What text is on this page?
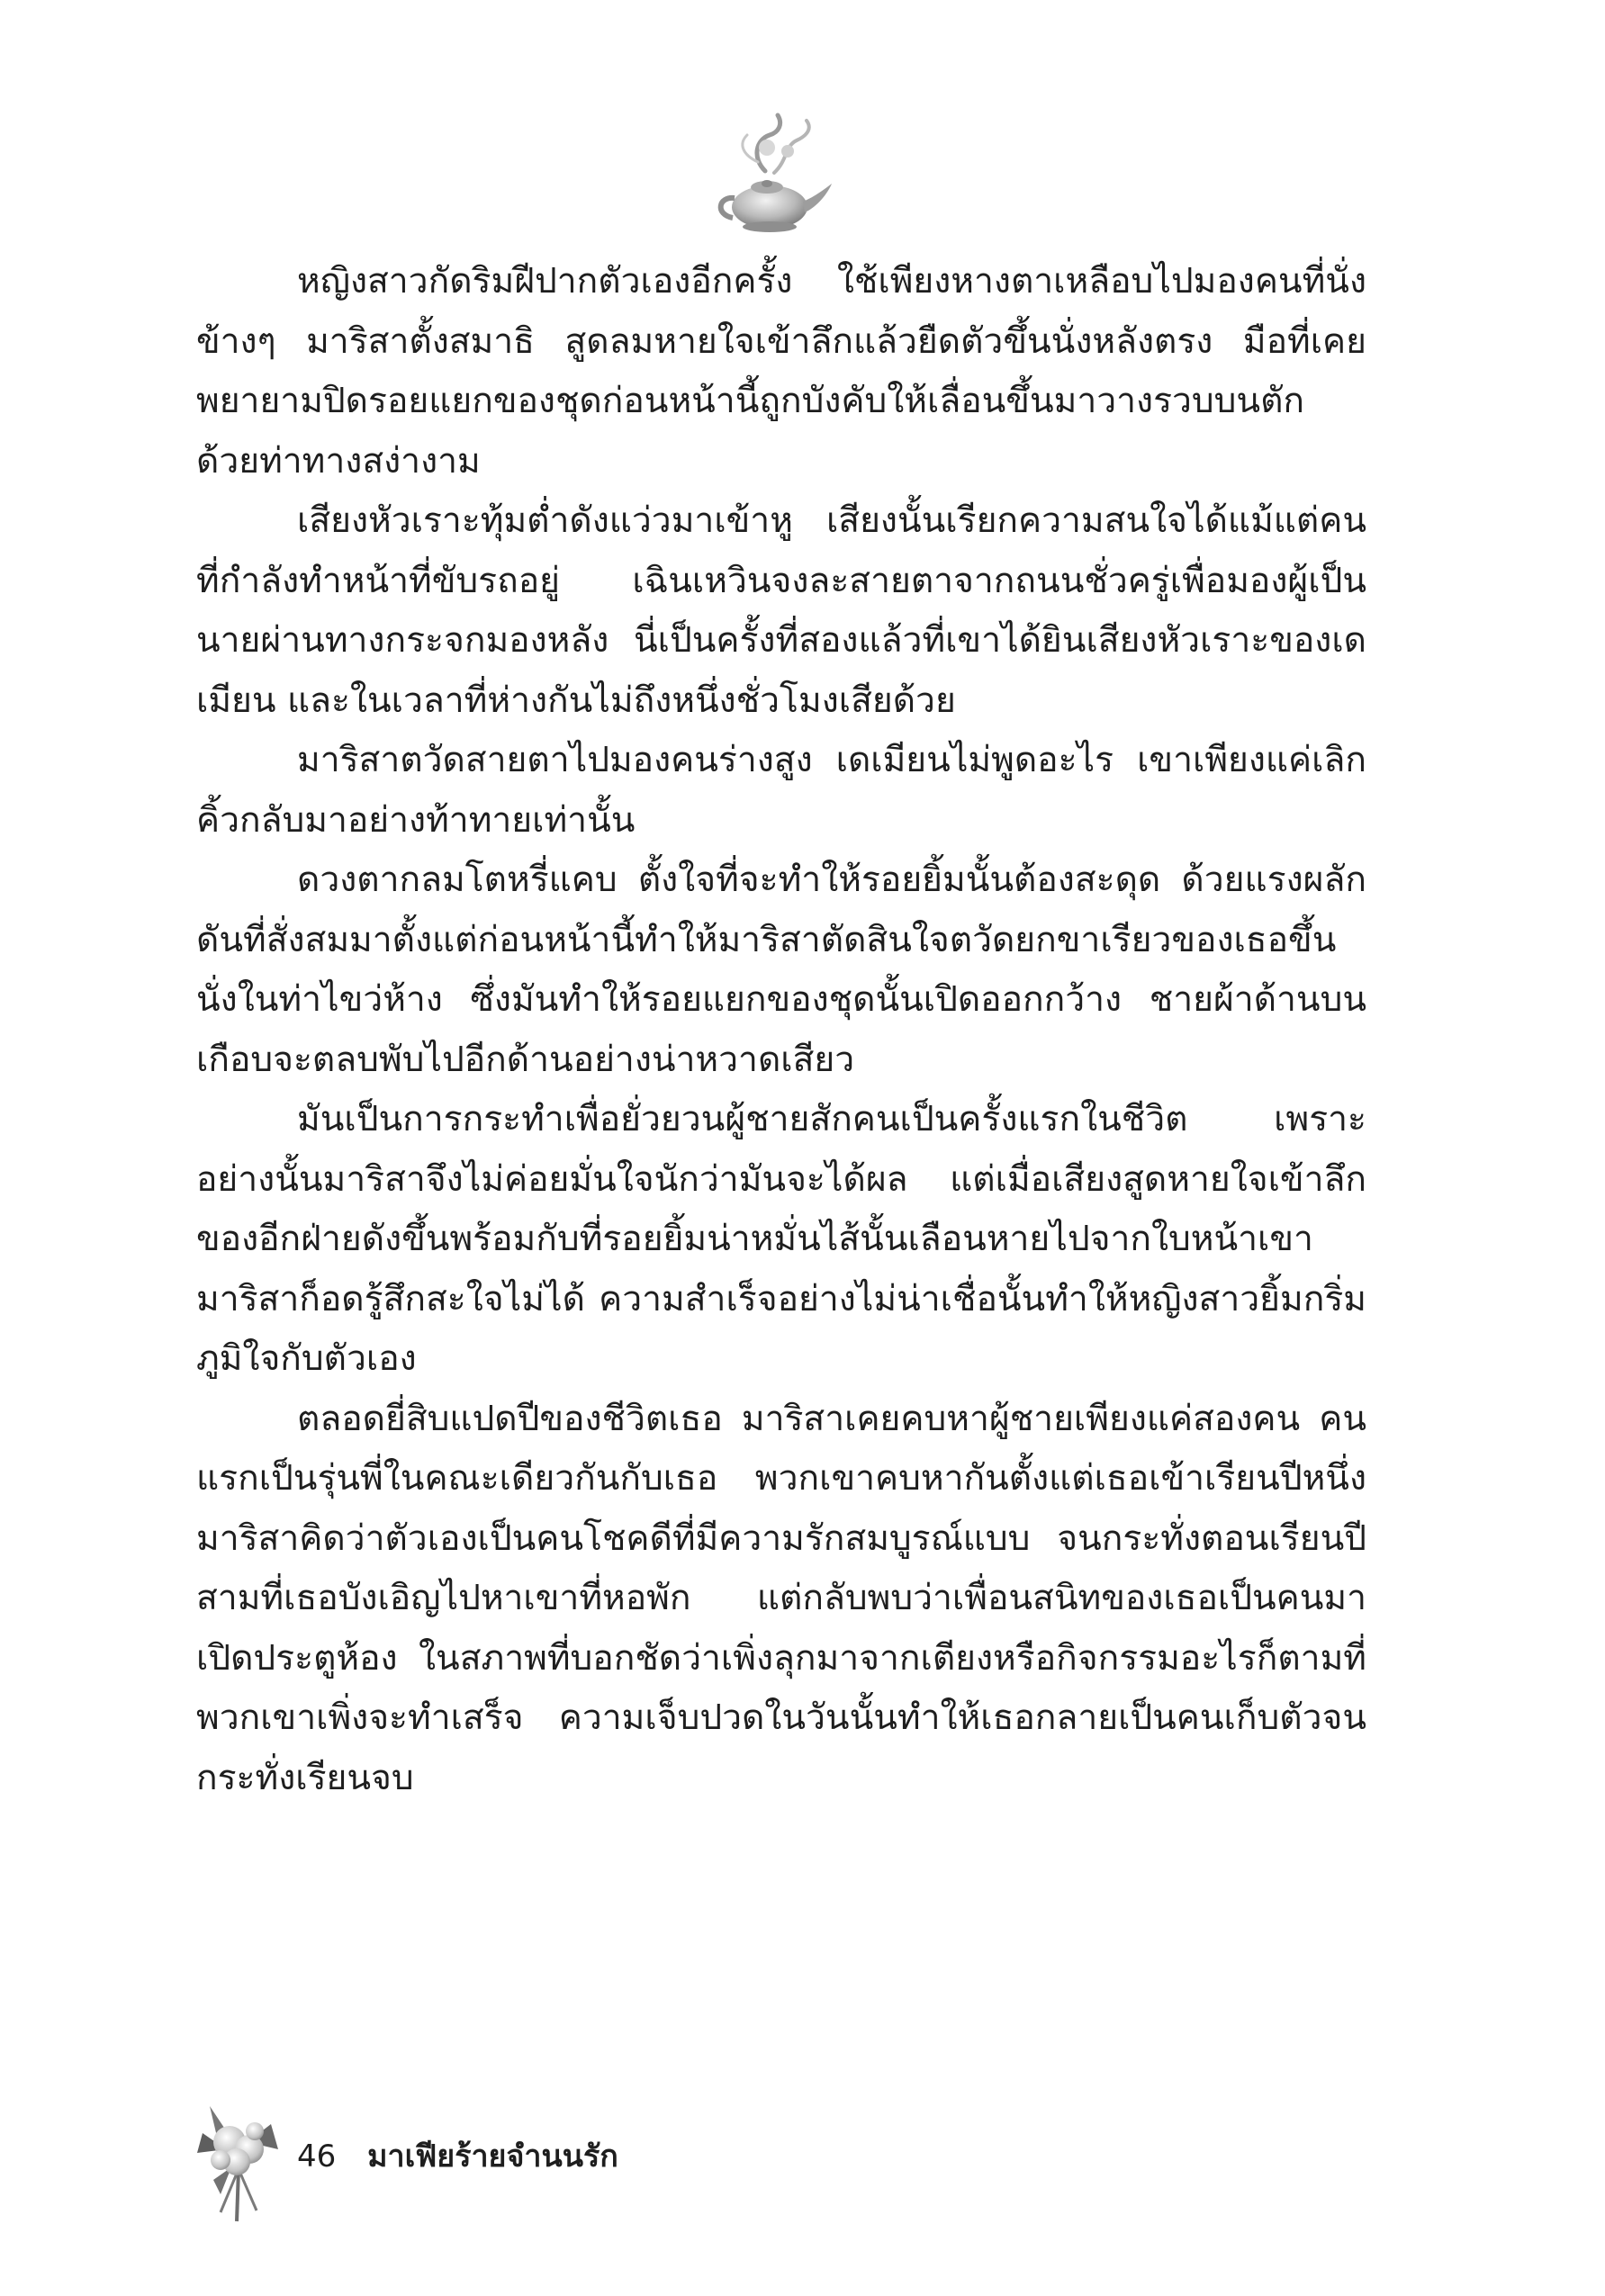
หญิงสาวกัดริมฝีปากตัวเองอีกครั้ง ใช้เพียงหางตาเหลือบไปมองคนที่นั่งข้างๆ มาริสาตั้งสมาธิ สูดลมหายใจเข้าลึกแล้วยืดตัวขึ้นนั่งหลังตรง มือที่เคยพยายามปิดรอยแยกของชุดก่อนหน้านี้ถูกบังคับให้เลื่อนขึ้นมาวางรวบบนตักด้วยท่าทางสง่างาม

เสียงหัวเราะทุ้มต่ำดังแว่วมาเข้าหู เสียงนั้นเรียกความสนใจได้แม้แต่คนที่กำลังทำหน้าที่ขับรถอยู่ เฉินเหวินจงละสายตาจากถนนชั่วครู่เพื่อมองผู้เป็นนายผ่านทางกระจกมองหลัง นี่เป็นครั้งที่สองแล้วที่เขาได้ยินเสียงหัวเราะของเดเมียน และในเวลาที่ห่างกันไม่ถึงหนึ่งชั่วโมงเสียด้วย

มาริสาตวัดสายตาไปมองคนร่างสูง เดเมียนไม่พูดอะไร เขาเพียงแค่เลิกคิ้วกลับมาอย่างท้าทายเท่านั้น

ดวงตากลมโตหรี่แคบ ตั้งใจที่จะทำให้รอยยิ้มนั้นต้องสะดุด ด้วยแรงผลักดันที่สั่งสมมาตั้งแต่ก่อนหน้านี้ทำให้มาริสาตัดสินใจตวัดยกขาเรียวของเธอขึ้นนั่งในท่าไขว่ห้าง ซึ่งมันทำให้รอยแยกของชุดนั้นเปิดออกกว้าง ชายผ้าด้านบนเกือบจะตลบพับไปอีกด้านอย่างน่าหวาดเสียว

มันเป็นการกระทำเพื่อยั่วยวนผู้ชายสักคนเป็นครั้งแรกในชีวิต เพราะอย่างนั้นมาริสาจึงไม่ค่อยมั่นใจนักว่ามันจะได้ผล แต่เมื่อเสียงสูดหายใจเข้าลึกของอีกฝ่ายดังขึ้นพร้อมกับที่รอยยิ้มน่าหมั่นไส้นั้นเลือนหายไปจากใบหน้าเขา มาริสาก็อดรู้สึกสะใจไม่ได้ ความสำเร็จอย่างไม่น่าเชื่อนั้นทำให้หญิงสาวยิ้มกริ่มภูมิใจกับตัวเอง

ตลอดยี่สิบแปดปีของชีวิตเธอ มาริสาเคยคบหาผู้ชายเพียงแค่สองคน คนแรกเป็นรุ่นพี่ในคณะเดียวกันกับเธอ พวกเขาคบหากันตั้งแต่เธอเข้าเรียนปีหนึ่ง มาริสาคิดว่าตัวเองเป็นคนโชคดีที่มีความรักสมบูรณ์แบบ จนกระทั่งตอนเรียนปีสามที่เธอบังเอิญไปหาเขาที่หอพัก แต่กลับพบว่าเพื่อนสนิทของเธอเป็นคนมาเปิดประตูห้อง ในสภาพที่บอกชัดว่าเพิ่งลุกมาจากเตียงหรือกิจกรรมอะไรก็ตามที่พวกเขาเพิ่งจะทำเสร็จ ความเจ็บปวดในวันนั้นทำให้เธอกลายเป็นคนเก็บตัวจนกระทั่งเรียนจบ

46 มาเฟียร้ายจำนนรัก
